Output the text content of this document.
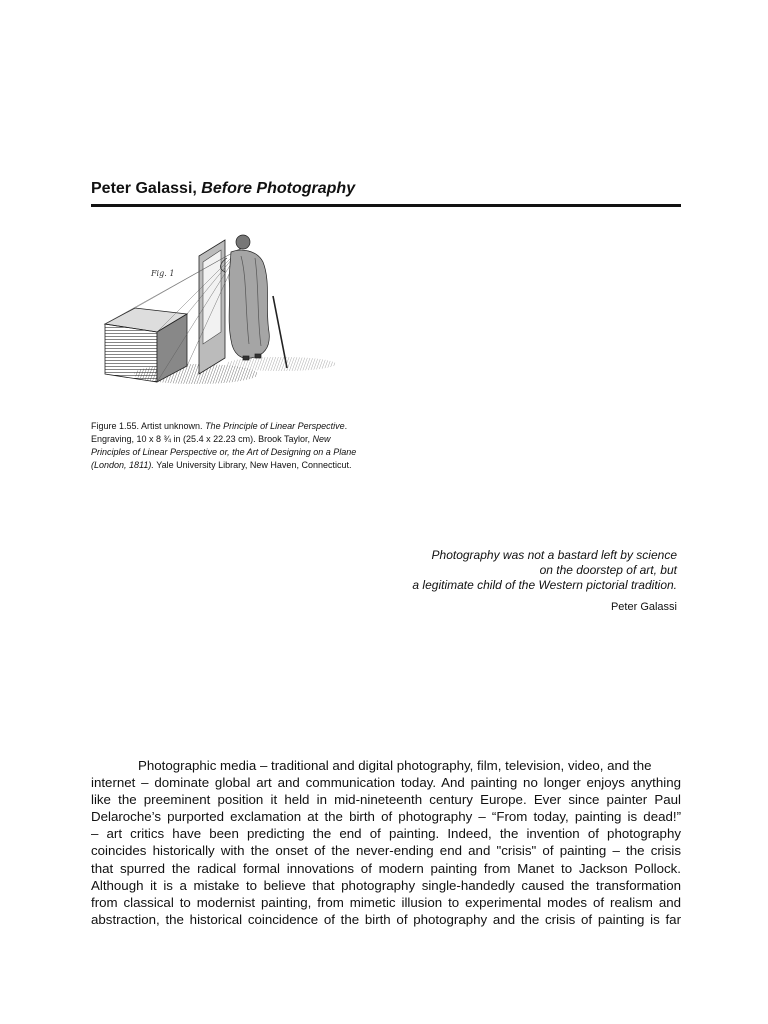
Peter Galassi, Before Photography
Fig. 1

Figure 1.55. Artist unknown. The Principle of Linear Perspective. Engraving, 10 x 8 ¾ in (25.4 x 22.23 cm). Brook Taylor, New Principles of Linear Perspective or, the Art of Designing on a Plane (London, 1811). Yale University Library, New Haven, Connecticut.

Photography was not a bastard left by science
on the doorstep of art, but
a legitimate child of the Western pictorial tradition.
Peter Galassi
Photographic media – traditional and digital photography, film, television, video, and the
internet – dominate global art and communication today. And painting no longer enjoys anything
like the preeminent position it held in mid-nineteenth century Europe. Ever since painter Paul
Delaroche’s purported exclamation at the birth of photography – “From today, painting is dead!”
– art critics have been predicting the end of painting. Indeed, the invention of photography
coincides historically with the onset of the never-ending end and "crisis" of painting – the crisis
that spurred the radical formal innovations of modern painting from Manet to Jackson Pollock.
Although it is a mistake to believe that photography single-handedly caused the transformation
from classical to modernist painting, from mimetic illusion to experimental modes of realism and
abstraction, the historical coincidence of the birth of photography and the crisis of painting is far
